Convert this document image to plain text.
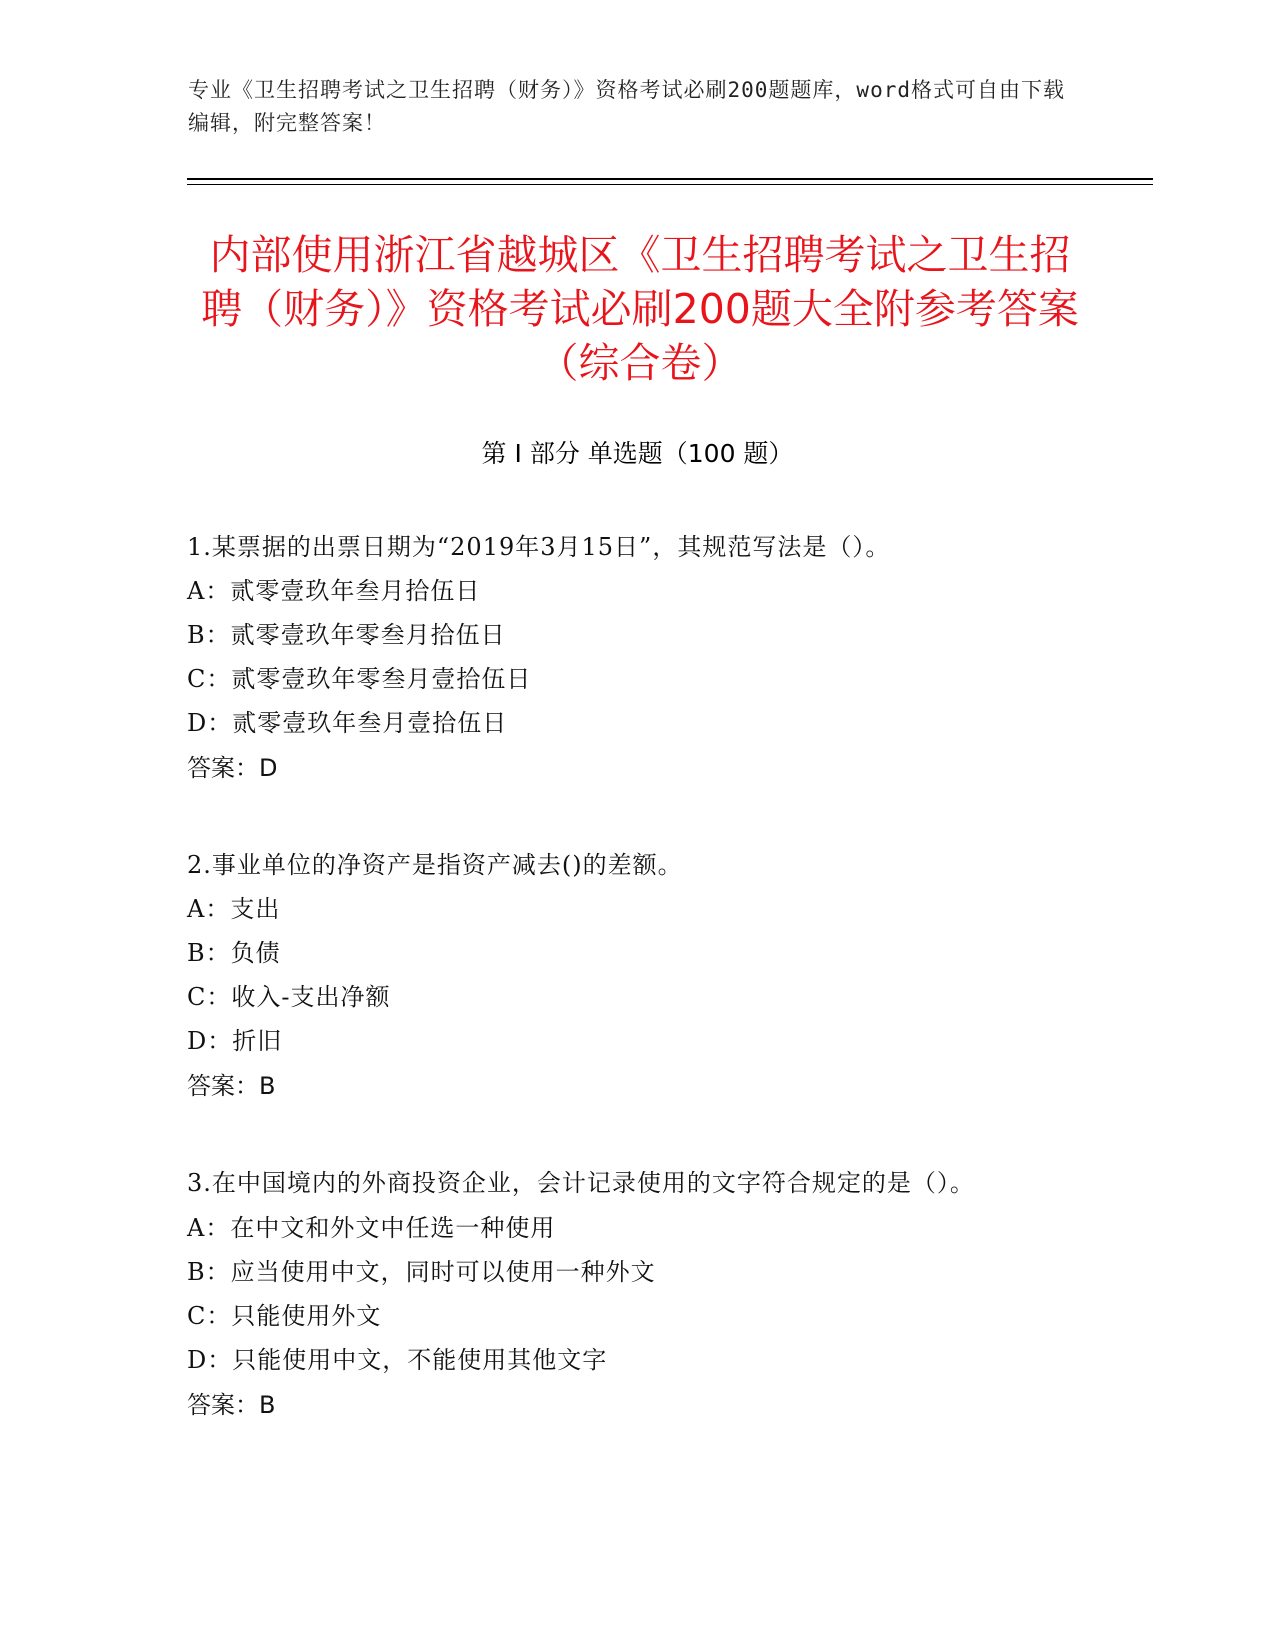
专业《卫生招聘考试之卫生招聘（财务）》资格考试必刷200题题库，word格式可自由下载编辑，附完整答案！
内部使用浙江省越城区《卫生招聘考试之卫生招聘（财务）》资格考试必刷200题大全附参考答案（综合卷）
第 I 部分 单选题（100 题）

1.某票据的出票日期为“2019年3月15日”，其规范写法是（）。

A：贰零壹玖年叁月拾伍日

B：贰零壹玖年零叁月拾伍日

C：贰零壹玖年零叁月壹拾伍日

D：贰零壹玖年叁月壹拾伍日

答案：D

2.事业单位的净资产是指资产减去()的差额。

A：支出

B：负债

C：收入-支出净额

D：折旧

答案：B

3.在中国境内的外商投资企业，会计记录使用的文字符合规定的是（）。

A：在中文和外文中任选一种使用

B：应当使用中文，同时可以使用一种外文

C：只能使用外文

D：只能使用中文，不能使用其他文字

答案：B
